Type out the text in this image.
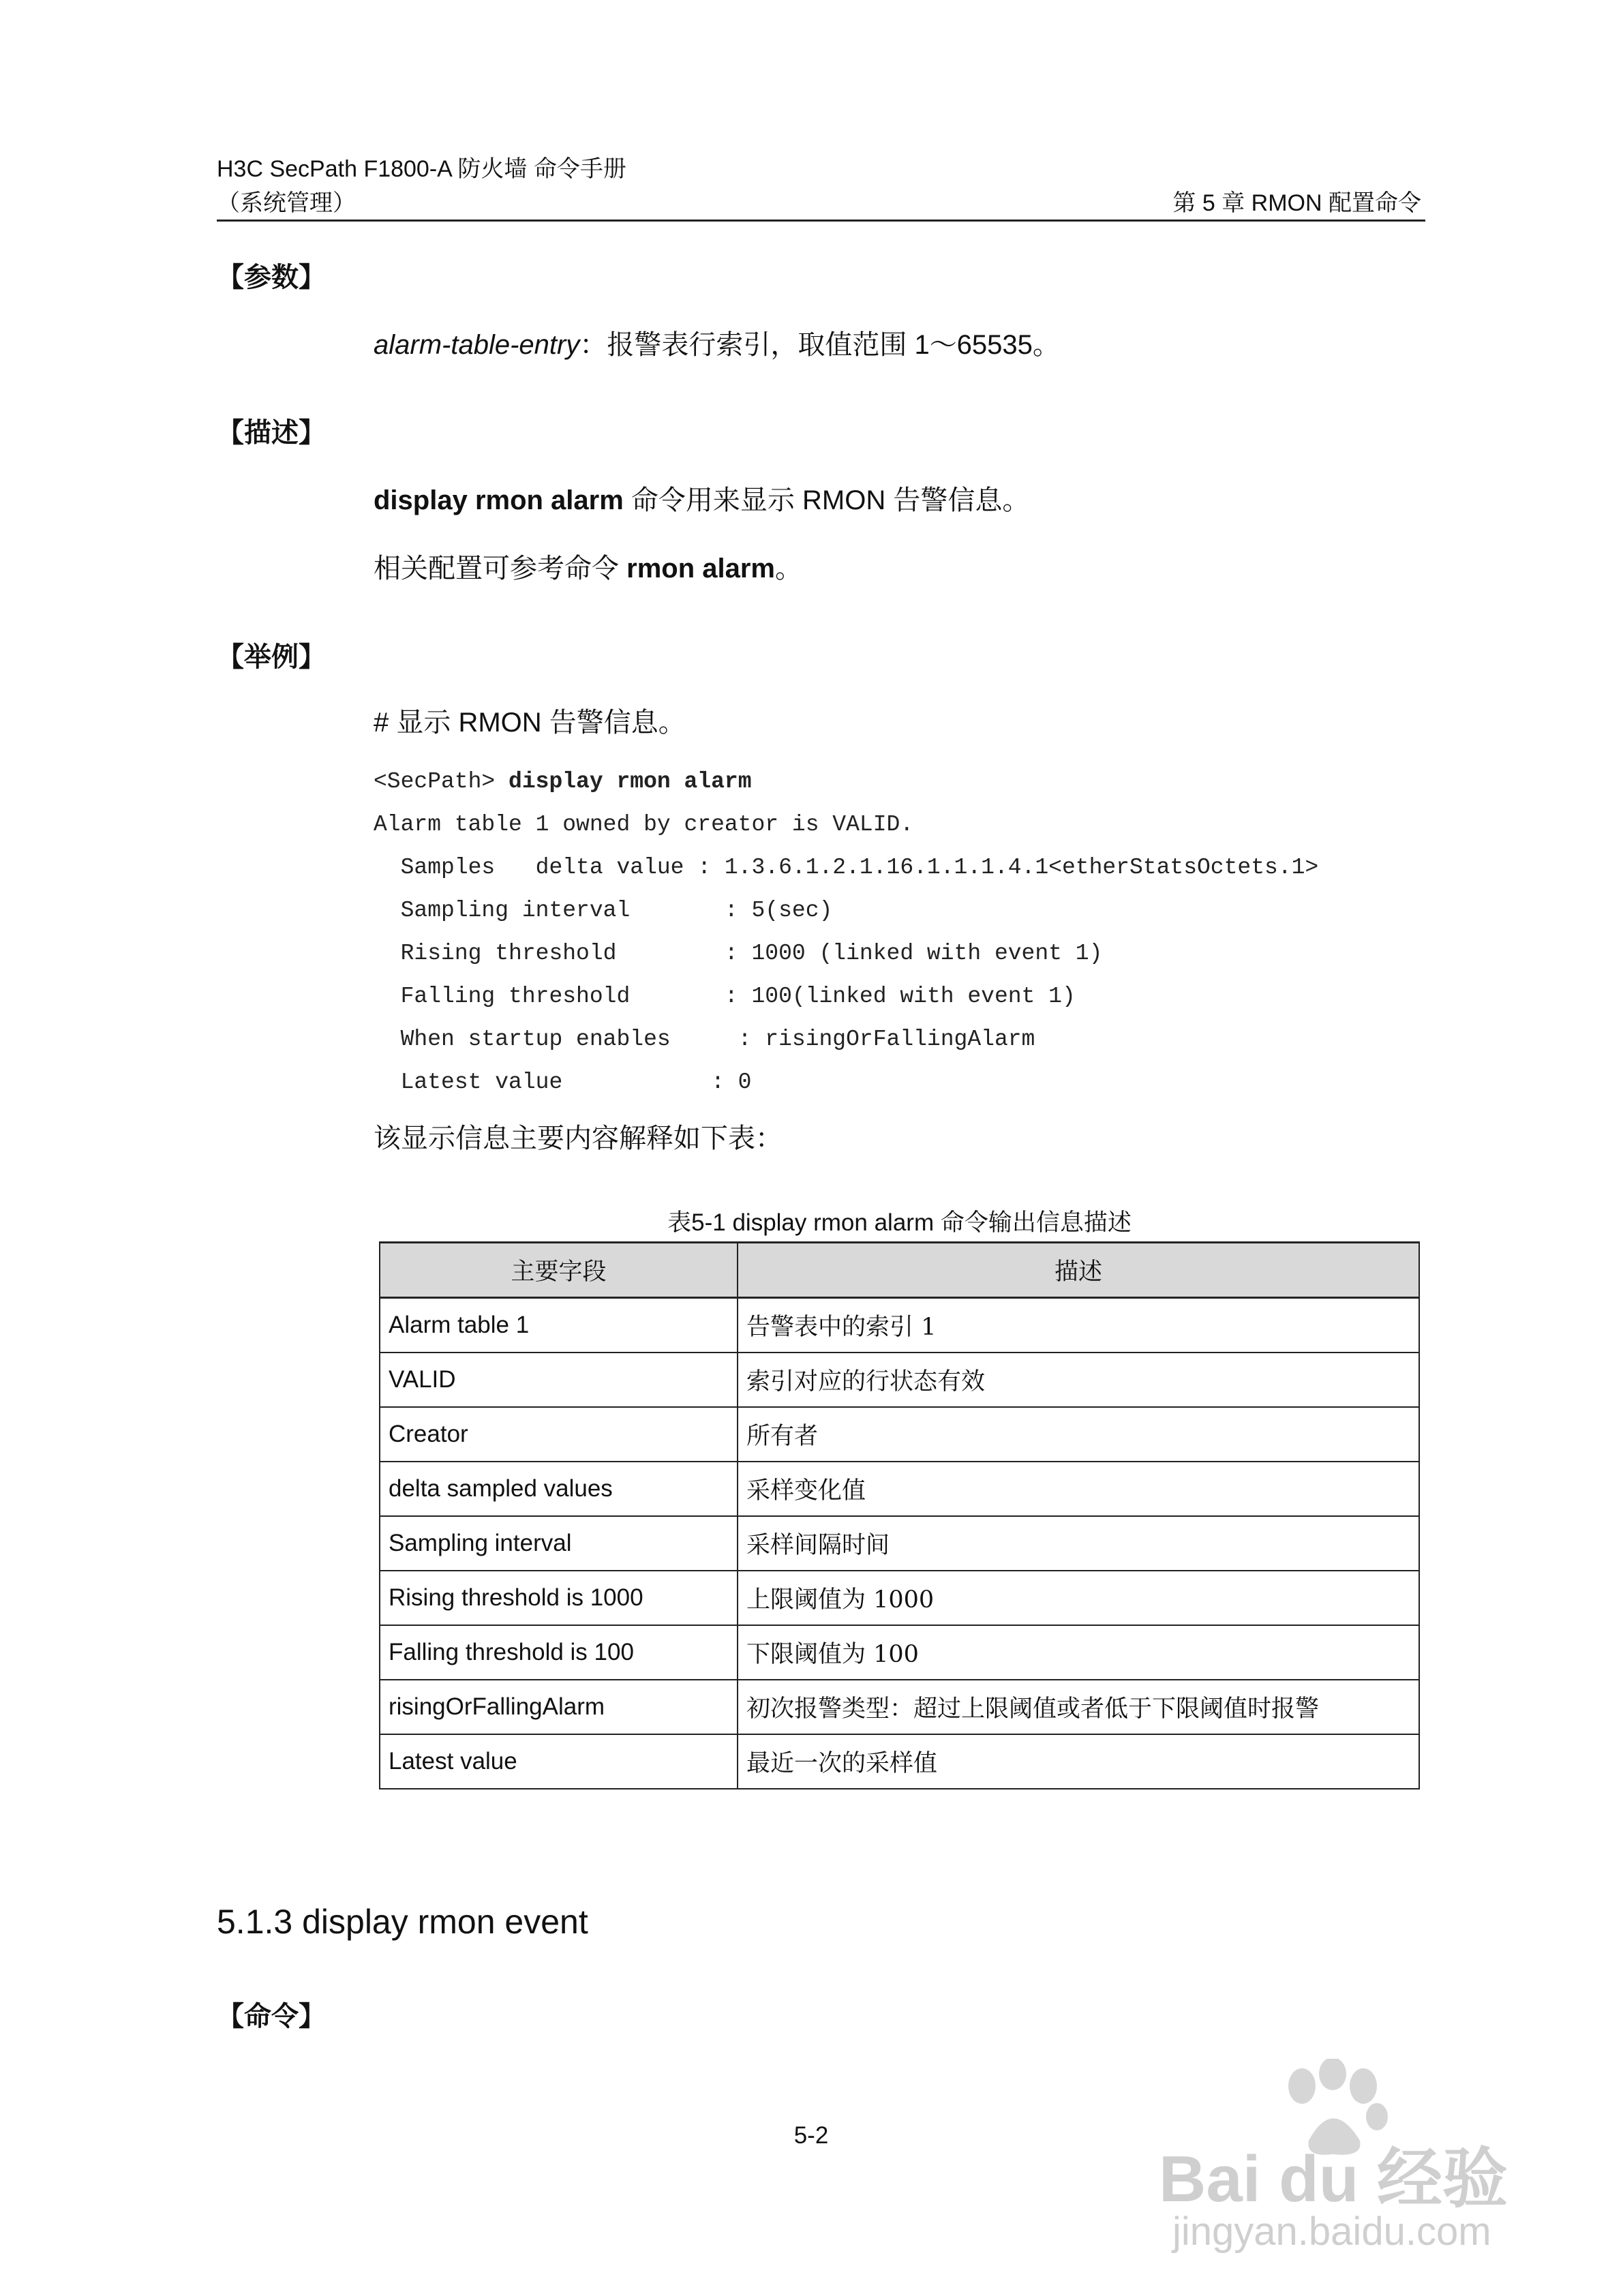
H3C SecPath F1800-A 防火墙 命令手册
（系统管理）	第 5 章 RMON 配置命令
【参数】
alarm-table-entry：报警表行索引，取值范围 1～65535。
【描述】
display rmon alarm 命令用来显示 RMON 告警信息。
相关配置可参考命令 rmon alarm。
【举例】
# 显示 RMON 告警信息。
<SecPath> display rmon alarm
Alarm table 1 owned by creator is VALID.
Samples   delta value : 1.3.6.1.2.1.16.1.1.1.4.1<etherStatsOctets.1>
Sampling interval       : 5(sec)
Rising threshold        : 1000 (linked with event 1)
Falling threshold       : 100(linked with event 1)
When startup enables     : risingOrFallingAlarm
Latest value           : 0
该显示信息主要内容解释如下表：
表5-1 display rmon alarm 命令输出信息描述
主要字段	描述
Alarm table 1	告警表中的索引 1
VALID	索引对应的行状态有效
Creator	所有者
delta sampled values	采样变化值
Sampling interval	采样间隔时间
Rising threshold is 1000	上限阈值为 1000
Falling threshold is 100	下限阈值为 100
risingOrFallingAlarm	初次报警类型：超过上限阈值或者低于下限阈值时报警
Latest value	最近一次的采样值
5.1.3 display rmon event
【命令】
5-2
Bai du 经验
jingyan.baidu.com
